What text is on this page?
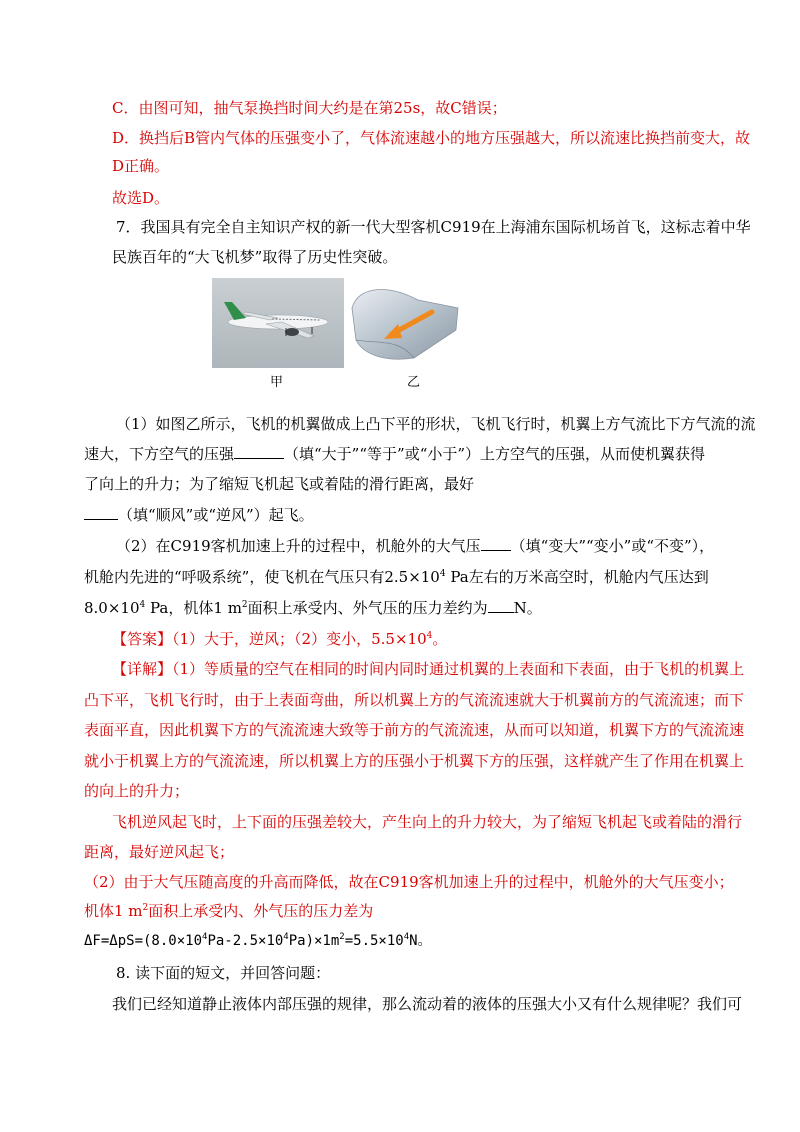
C．由图可知，抽气泵换挡时间大约是在第25s，故C错误；
D．换挡后B管内气体的压强变小了，气体流速越小的地方压强越大，所以流速比换挡前变大，故
D正确。
故选D。
7．我国具有完全自主知识产权的新一代大型客机C919在上海浦东国际机场首飞，这标志着中华
民族百年的“大飞机梦”取得了历史性突破。
甲	乙
（1）如图乙所示，飞机的机翼做成上凸下平的形状，飞机飞行时，机翼上方气流比下方气流的流
速大，下方空气的压强	（填“大于”“等于”或“小于”）上方空气的压强，从而使机翼获得
了向上的升力；为了缩短飞机起飞或着陆的滑行距离，最好
（填“顺风”或“逆风”）起飞。
（2）在C919客机加速上升的过程中，机舱外的大气压 （填“变大”“变小”或“不变”），
机舱内先进的“呼吸系统”，使飞机在气压只有$2.5\times 10^4$ Pa左右的万米高空时，机舱内气压达到
$8.0\times 10^4$ Pa，机体1 $m^2$面积上承受内、外气压的压力差约为 N。
【答案】（1）大于，逆风；（2）变小，$5.5\times 10^4$。
【详解】（1）等质量的空气在相同的时间内同时通过机翼的上表面和下表面，由于飞机的机翼上
凸下平，飞机飞行时，由于上表面弯曲，所以机翼上方的气流流速就大于机翼前方的气流流速；而下
表面平直，因此机翼下方的气流流速大致等于前方的气流流速，从而可以知道，机翼下方的气流流速
就小于机翼上方的气流流速，所以机翼上方的压强小于机翼下方的压强，这样就产生了作用在机翼上
的向上的升力；
飞机逆风起飞时，上下面的压强差较大，产生向上的升力较大，为了缩短飞机起飞或着陆的滑行
距离，最好逆风起飞；
（2）由于大气压随高度的升高而降低，故在C919客机加速上升的过程中，机舱外的大气压变小；
机体1 $m^2$面积上承受内、外气压的压力差为
$\Delta F=\Delta pS=(8.0\times 10^4Pa-2.5\times 10^4Pa)\times 1m^2=5.5\times 10^4N$。
8. 读下面的短文，并回答问题：
我们已经知道静止液体内部压强的规律，那么流动着的液体的压强大小又有什么规律呢？我们可
